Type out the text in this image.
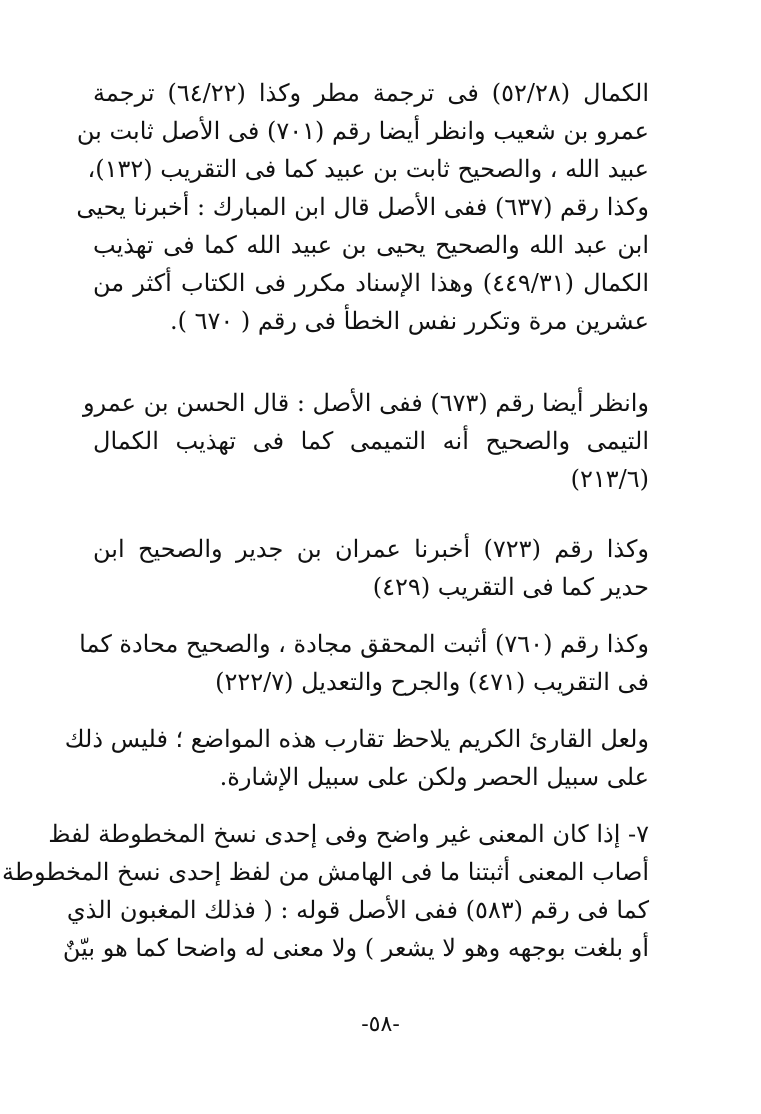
الكمال (٥٢/٢٨) فى ترجمة مطر وكذا (٦٤/٢٢) ترجمة
عمرو بن شعيب وانظر أيضا رقم (٧٠١) فى الأصل ثابت بن
عبيد الله ، والصحيح ثابت بن عبيد كما فى التقريب (١٣٢)،
وكذا رقم (٦٣٧) ففى الأصل قال ابن المبارك : أخبرنا يحيى
ابن عبد الله والصحيح يحيى بن عبيد الله كما فى تهذيب
الكمال (٤٤٩/٣١) وهذا الإسناد مكرر فى الكتاب أكثر من
عشرين مرة وتكرر نفس الخطأ فى رقم ( ٦٧٠ ).
وانظر أيضا رقم (٦٧٣) ففى الأصل : قال الحسن بن عمرو
التيمى والصحيح أنه التميمى كما فى تهذيب الكمال
(٢١٣/٦)
وكذا رقم (٧٢٣) أخبرنا عمران بن جدير والصحيح ابن
حدير كما فى التقريب (٤٢٩)
وكذا رقم (٧٦٠) أثبت المحقق مجادة ، والصحيح محادة كما
فى التقريب (٤٧١) والجرح والتعديل (٢٢٢/٧)
ولعل القارئ الكريم يلاحظ تقارب هذه المواضع ؛ فليس ذلك
على سبيل الحصر ولكن على سبيل الإشارة.
٧- إذا كان المعنى غير واضح وفى إحدى نسخ المخطوطة لفظ
أصاب المعنى أثبتنا ما فى الهامش من لفظ إحدى نسخ المخطوطة
كما فى رقم (٥٨٣) ففى الأصل قوله : ( فذلك المغبون الذي
أو بلغت بوجهه وهو لا يشعر ) ولا معنى له واضحا كما هو بيّنٌ
-٥٨-
